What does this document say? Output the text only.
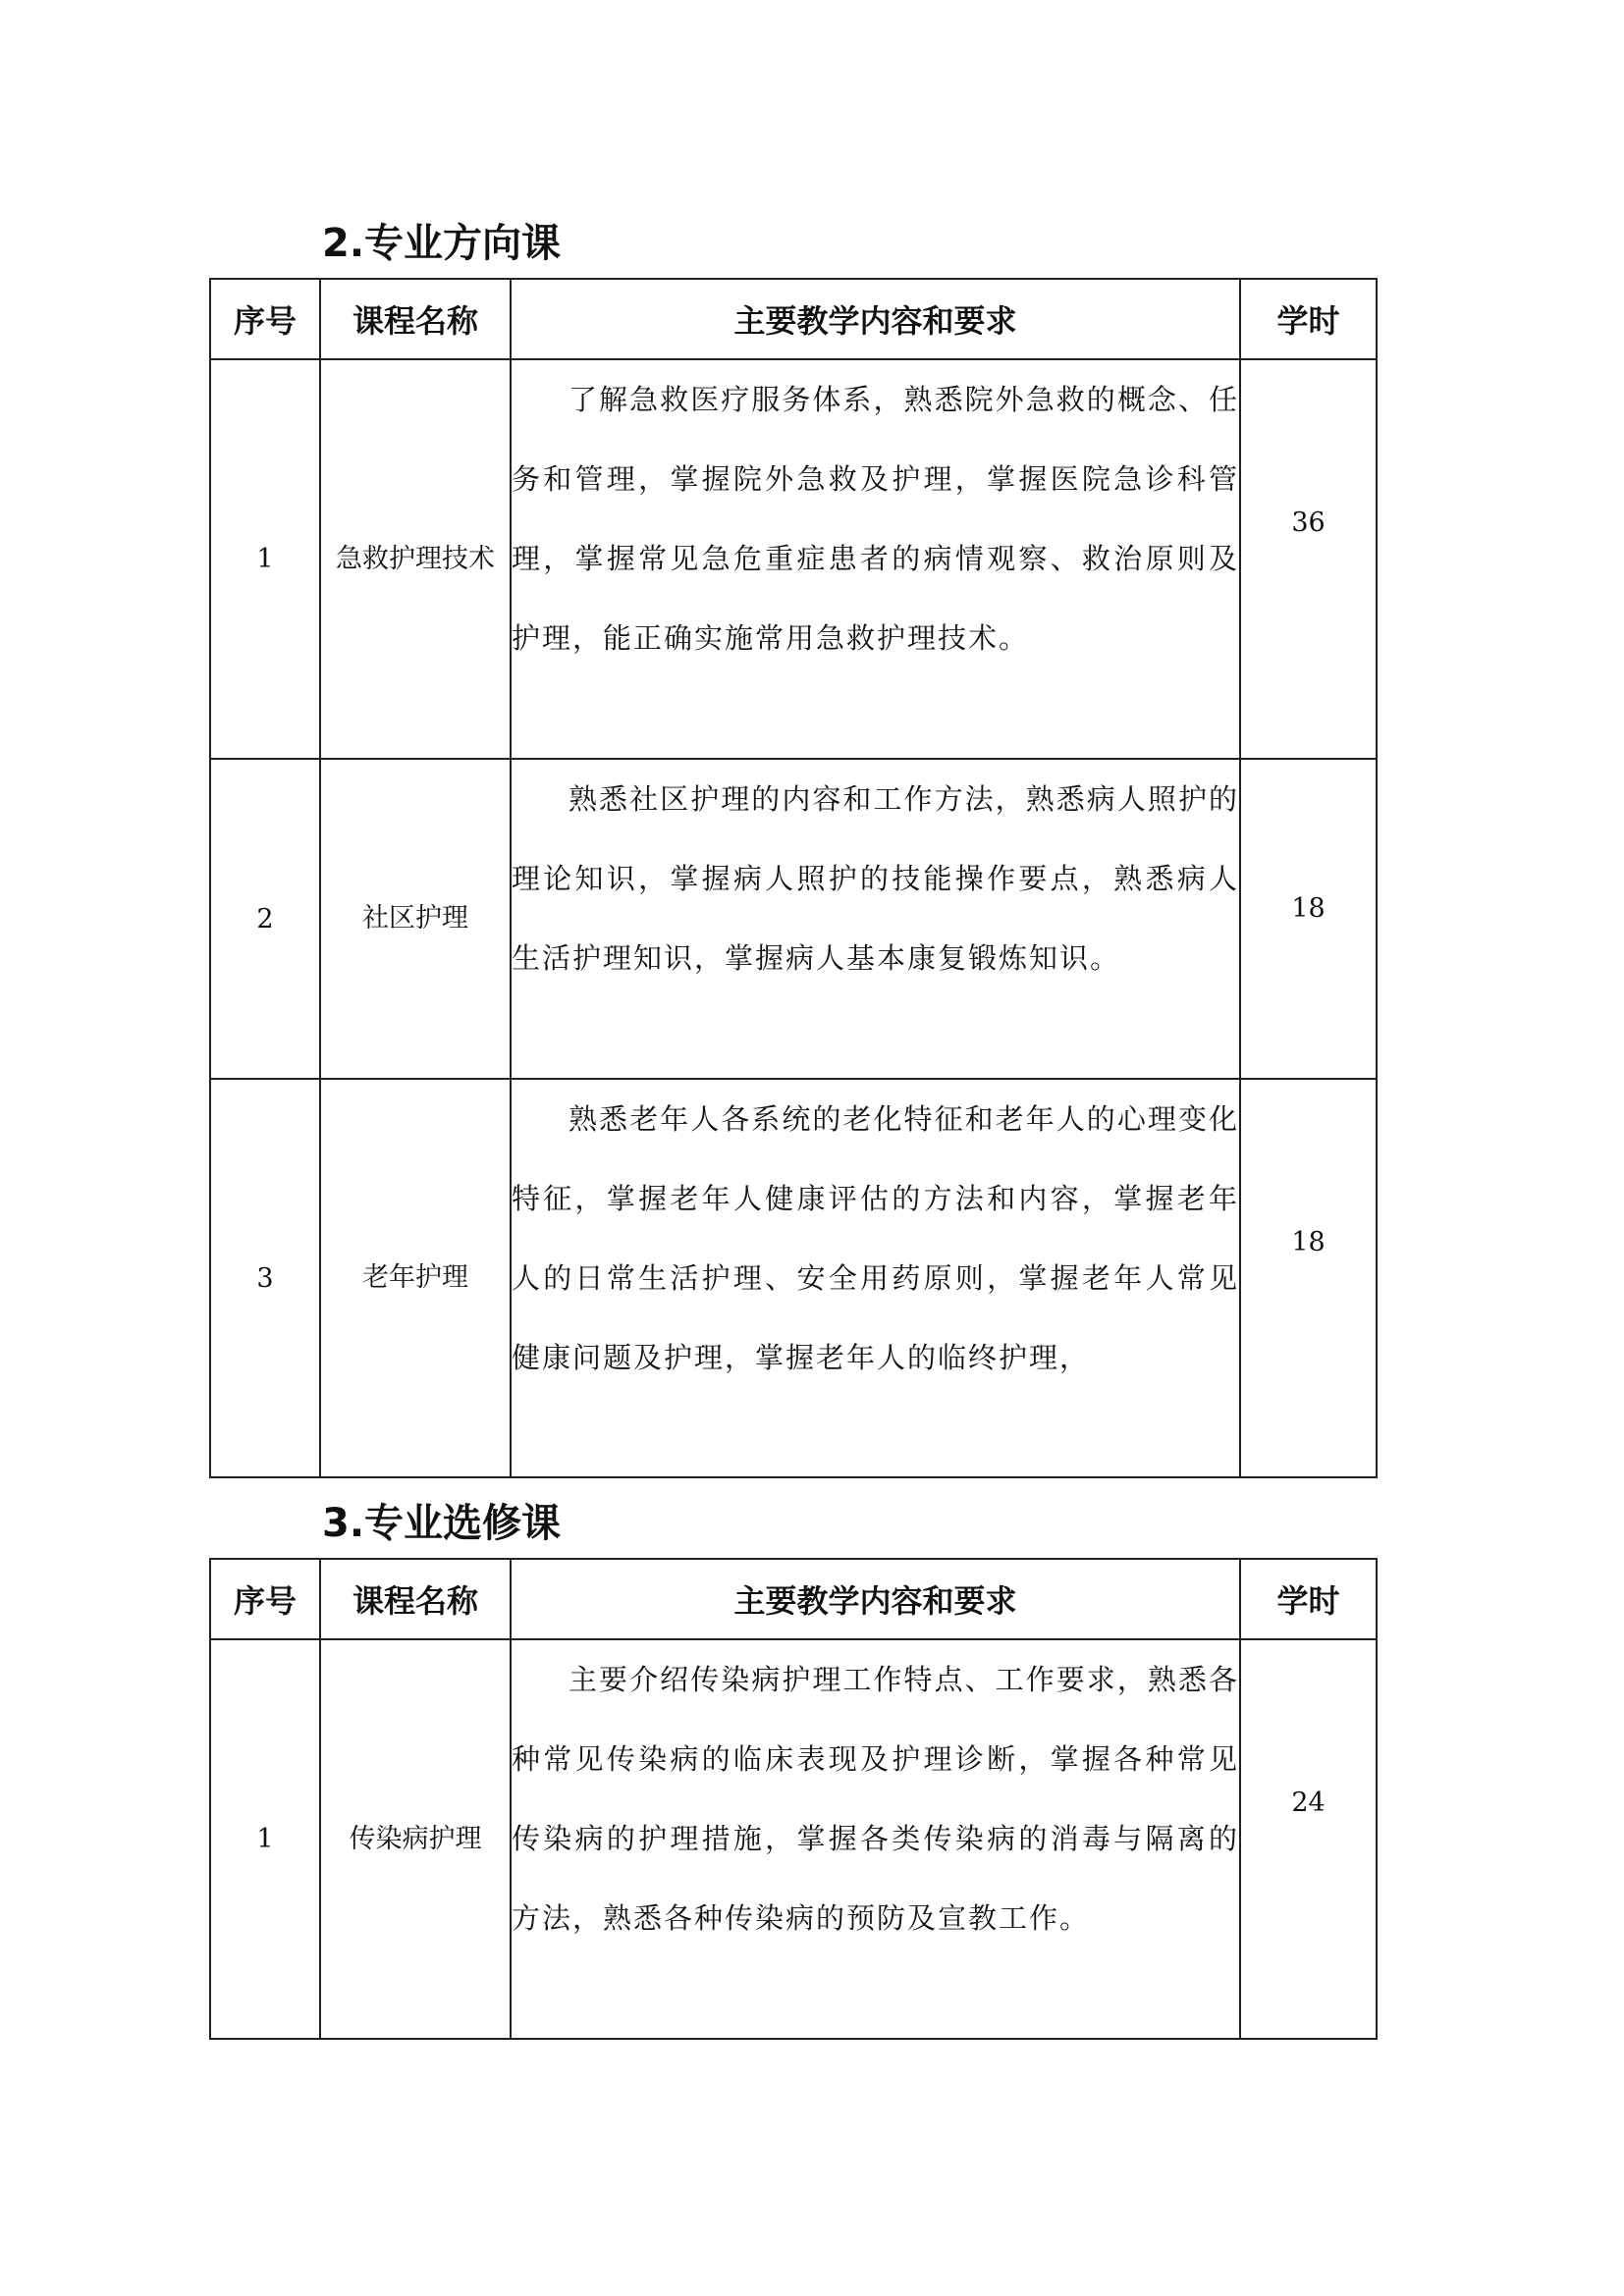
2.专业方向课
序号	课程名称	主要教学内容和要求	学时
1	急救护理技术	了解急救医疗服务体系，熟悉院外急救的概念、任务和管理，掌握院外急救及护理，掌握医院急诊科管理，掌握常见急危重症患者的病情观察、救治原则及护理，能正确实施常用急救护理技术。	36

2	社区护理	熟悉社区护理的内容和工作方法，熟悉病人照护的理论知识，掌握病人照护的技能操作要点，熟悉病人生活护理知识，掌握病人基本康复锻炼知识。	18

3	老年护理	熟悉老年人各系统的老化特征和老年人的心理变化特征，掌握老年人健康评估的方法和内容，掌握老年人的日常生活护理、安全用药原则，掌握老年人常见健康问题及护理，掌握老年人的临终护理，	18
3.专业选修课
序号	课程名称	主要教学内容和要求	学时
1	传染病护理	主要介绍传染病护理工作特点、工作要求，熟悉各种常见传染病的临床表现及护理诊断，掌握各种常见传染病的护理措施，掌握各类传染病的消毒与隔离的方法，熟悉各种传染病的预防及宣教工作。	24
